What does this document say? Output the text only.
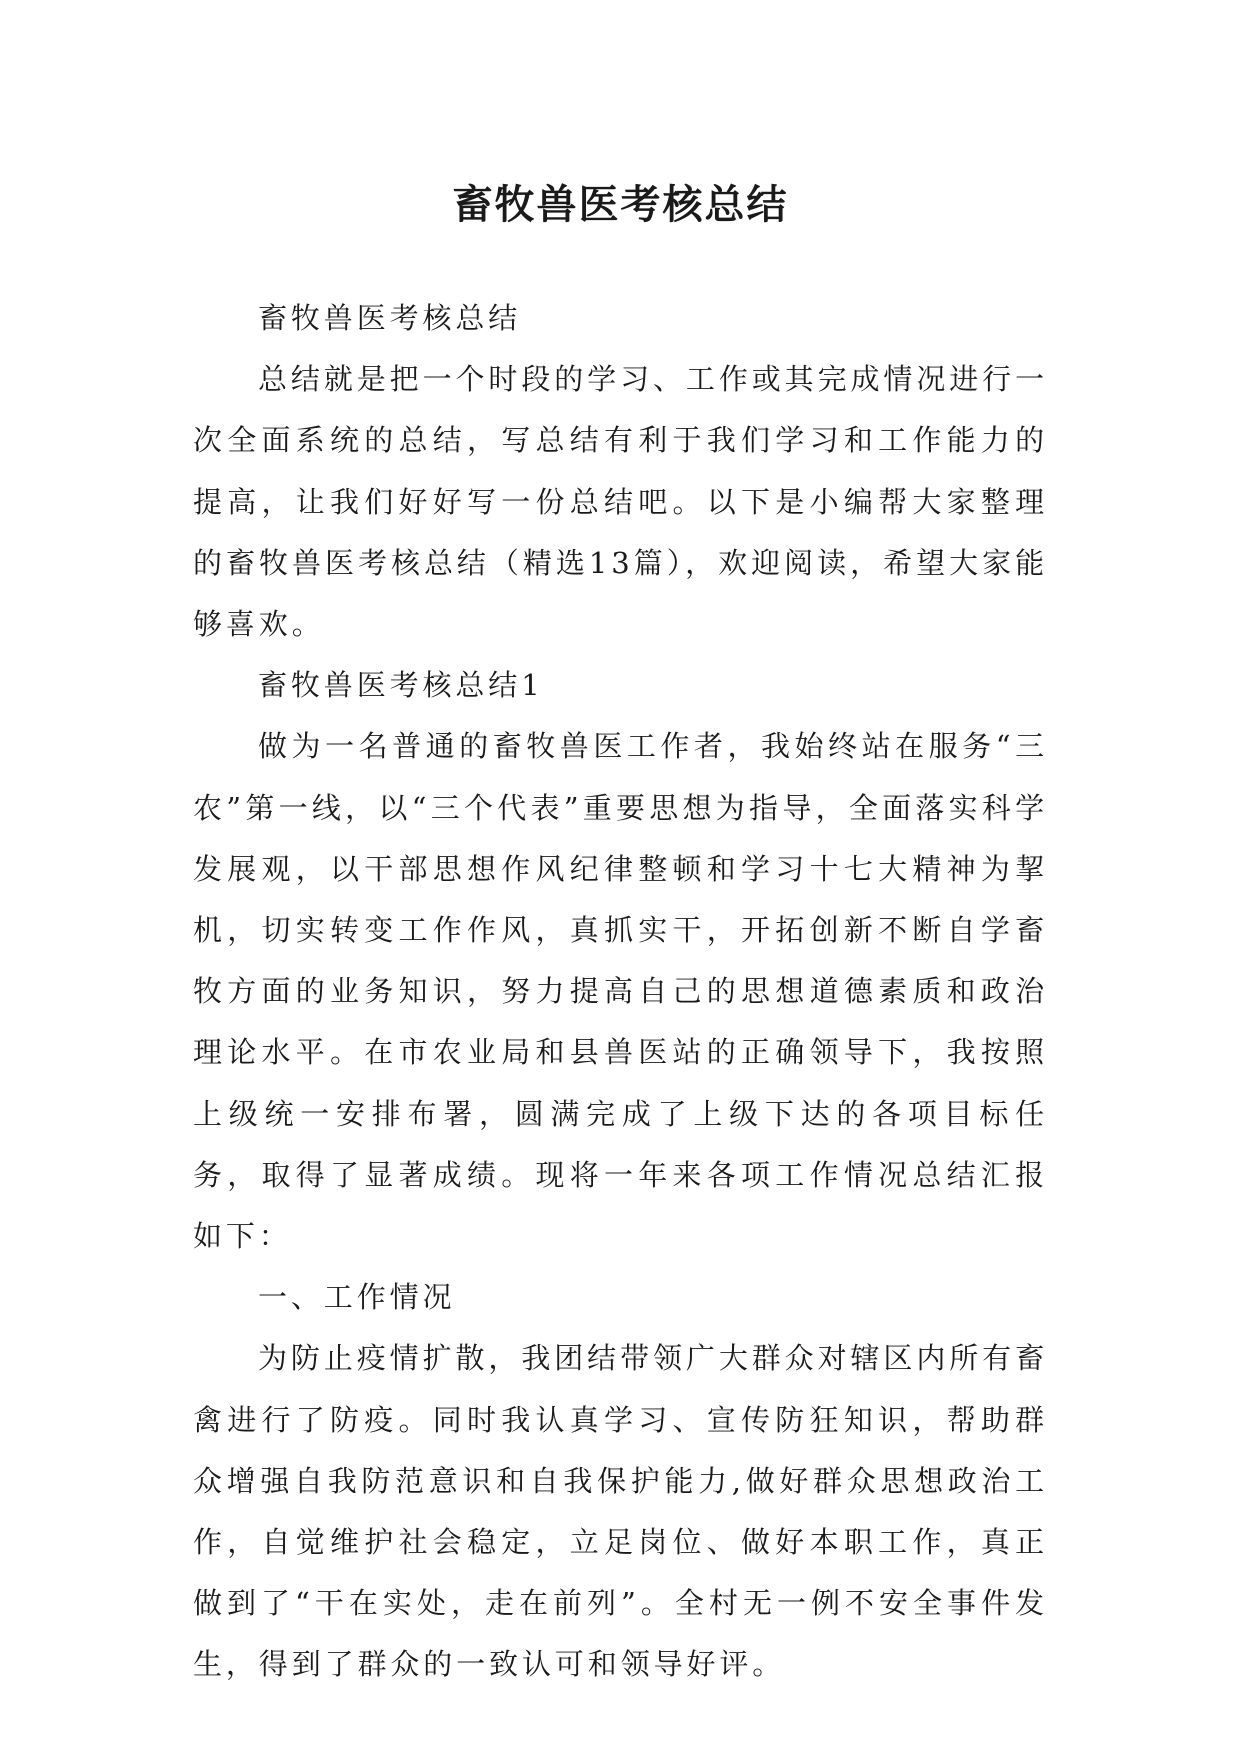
畜牧兽医考核总结

畜牧兽医考核总结

总结就是把一个时段的学习、工作或其完成情况进行一次全面系统的总结，写总结有利于我们学习和工作能力的提高，让我们好好写一份总结吧。以下是小编帮大家整理的畜牧兽医考核总结（精选13篇），欢迎阅读，希望大家能够喜欢。

畜牧兽医考核总结1

做为一名普通的畜牧兽医工作者，我始终站在服务“三农”第一线，以“三个代表”重要思想为指导，全面落实科学发展观，以干部思想作风纪律整顿和学习十七大精神为挈机，切实转变工作作风，真抓实干，开拓创新不断自学畜牧方面的业务知识，努力提高自己的思想道德素质和政治理论水平。在市农业局和县兽医站的正确领导下，我按照上级统一安排布署，圆满完成了上级下达的各项目标任务，取得了显著成绩。现将一年来各项工作情况总结汇报如下：

一、工作情况

为防止疫情扩散，我团结带领广大群众对辖区内所有畜禽进行了防疫。同时我认真学习、宣传防狂知识，帮助群众增强自我防范意识和自我保护能力,做好群众思想政治工作，自觉维护社会稳定，立足岗位、做好本职工作，真正做到了“干在实处，走在前列”。全村无一例不安全事件发生，得到了群众的一致认可和领导好评。
